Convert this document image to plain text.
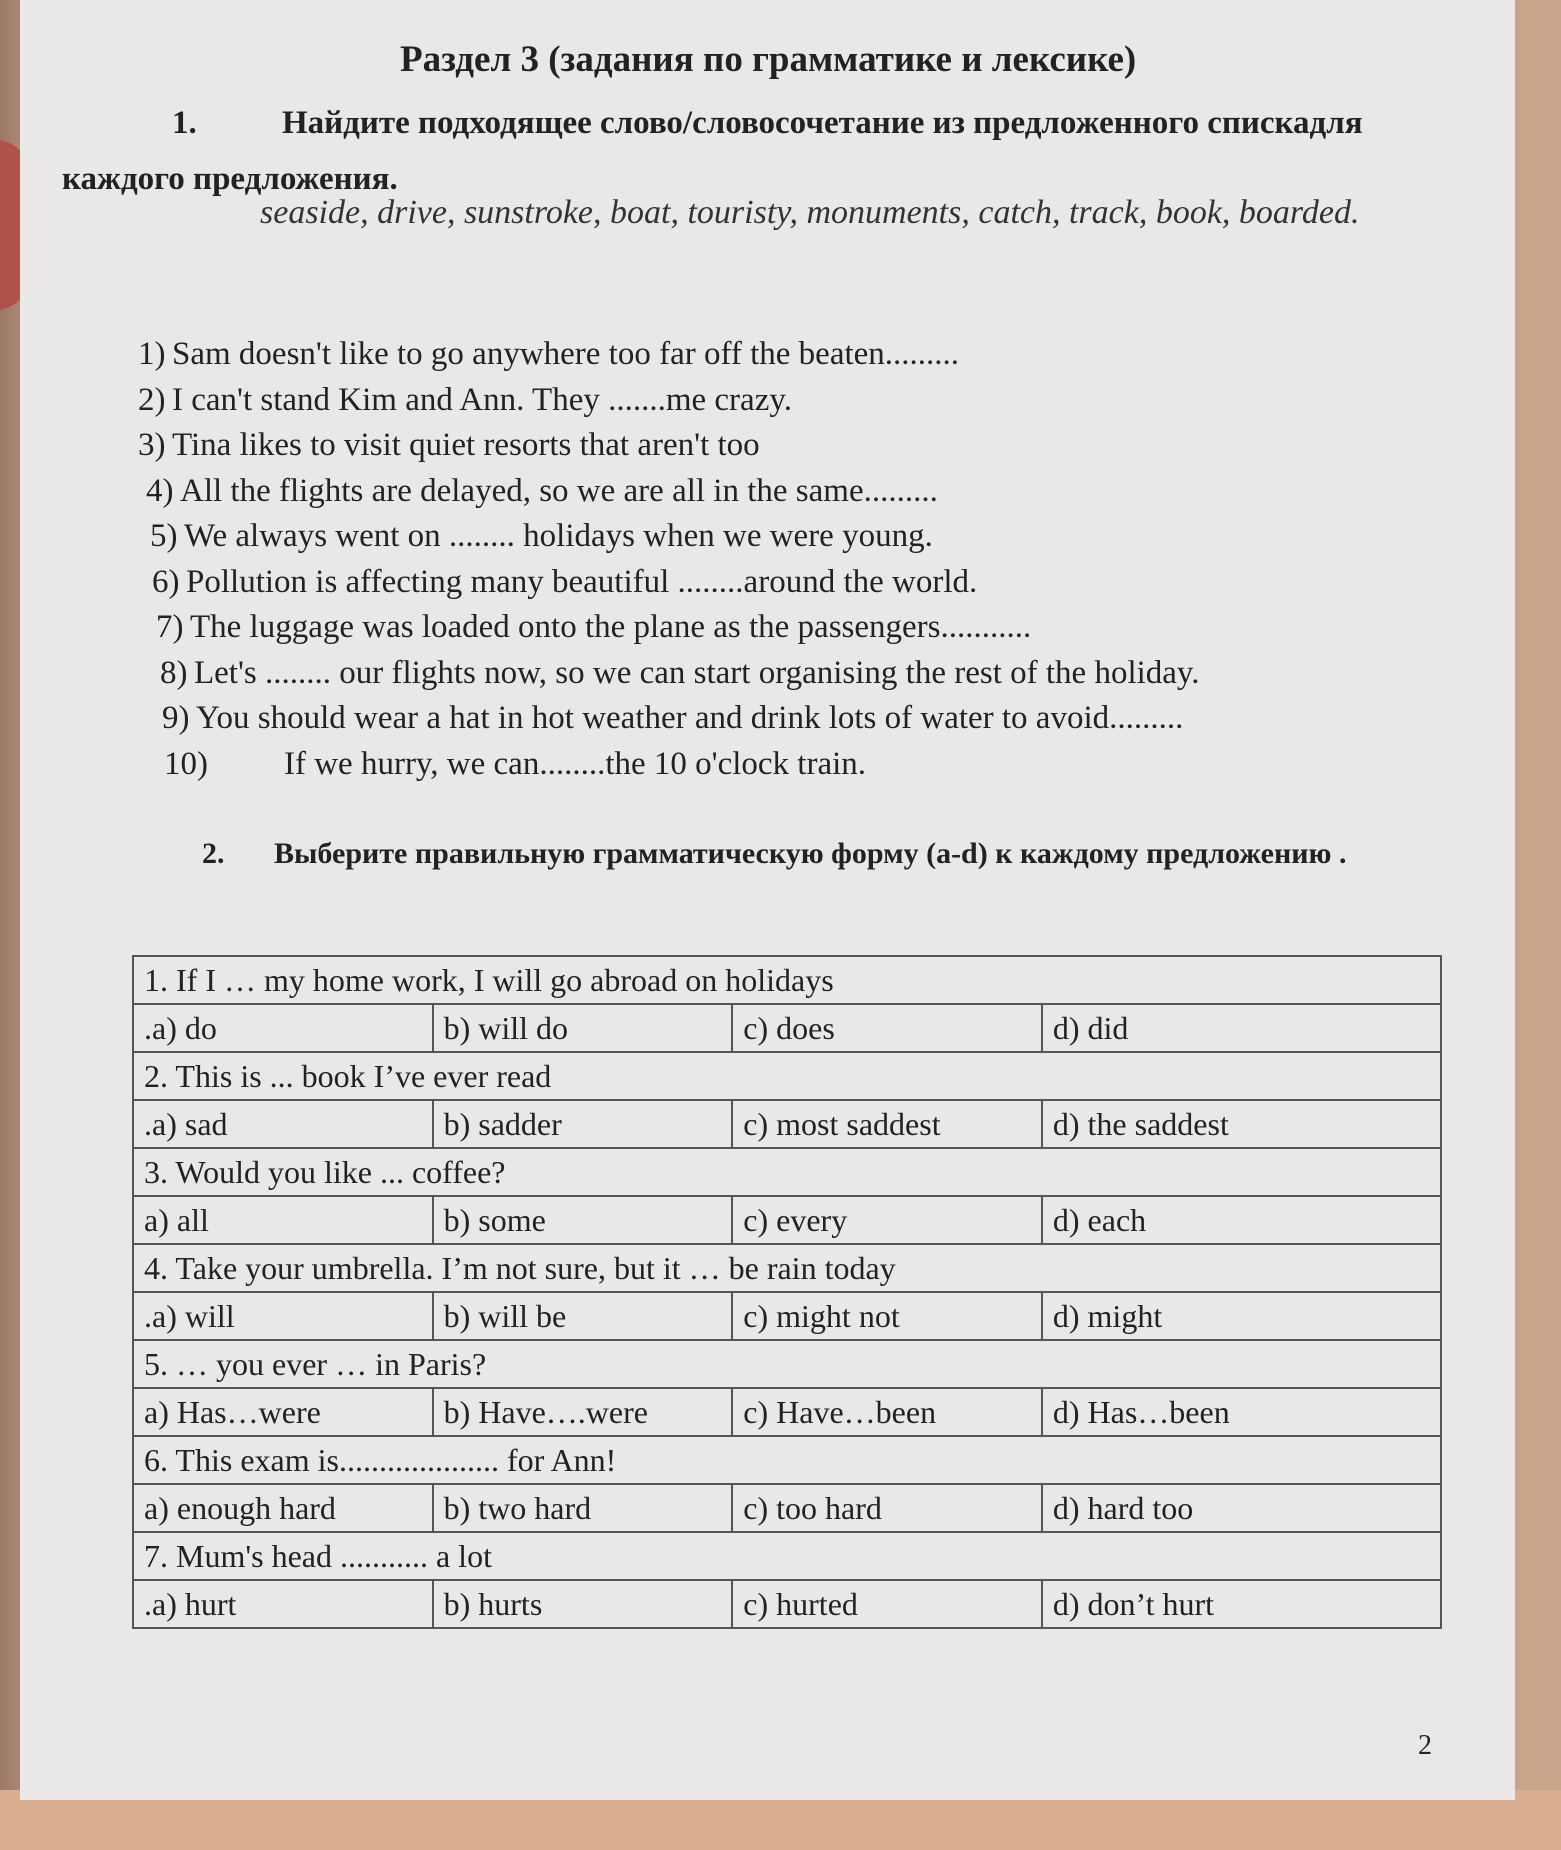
Раздел 3 (задания по грамматике и лексике)
1.	Найдите подходящее слово/словосочетание из предложенного спискадля каждого предложения.
seaside, drive, sunstroke, boat, touristy, monuments, catch, track, book, boarded.
1) Sam doesn't like to go anywhere too far off the beaten.........
2) I can't stand Kim and Ann. They .......me crazy.
3) Tina likes to visit quiet resorts that aren't too
4) All the flights are delayed, so we are all in the same.........
5) We always went on ........ holidays when we were young.
6) Pollution is affecting many beautiful ........around the world.
7) The luggage was loaded onto the plane as the passengers...........
8) Let's ........ our flights now, so we can start organising the rest of the holiday.
9) You should wear a hat in hot weather and drink lots of water to avoid.........
10) If we hurry, we can........the 10 o'clock train.
2. Выберите правильную грамматическую форму (a-d) к каждому предложению .
1. If I … my home work, I will go abroad on holidays			
.a) do	b) will do	c) does	d) did
2. This is ... book I’ve ever read			
.a) sad	b) sadder	c) most saddest	d) the saddest
3. Would you like ... coffee?			
a) all	b) some	c) every	d) each
4. Take your umbrella. I’m not sure, but it … be rain today			
.a) will	b) will be	c) might not	d) might
5. … you ever … in Paris?			
a) Has…were	b) Have….were	c) Have…been	d) Has…been
6. This exam is.................... for Ann!			
a) enough hard	b) two hard	c) too hard	d) hard too
7. Mum's head ........... a lot			
.a) hurt	b) hurts	c) hurted	d) don’t hurt
2
